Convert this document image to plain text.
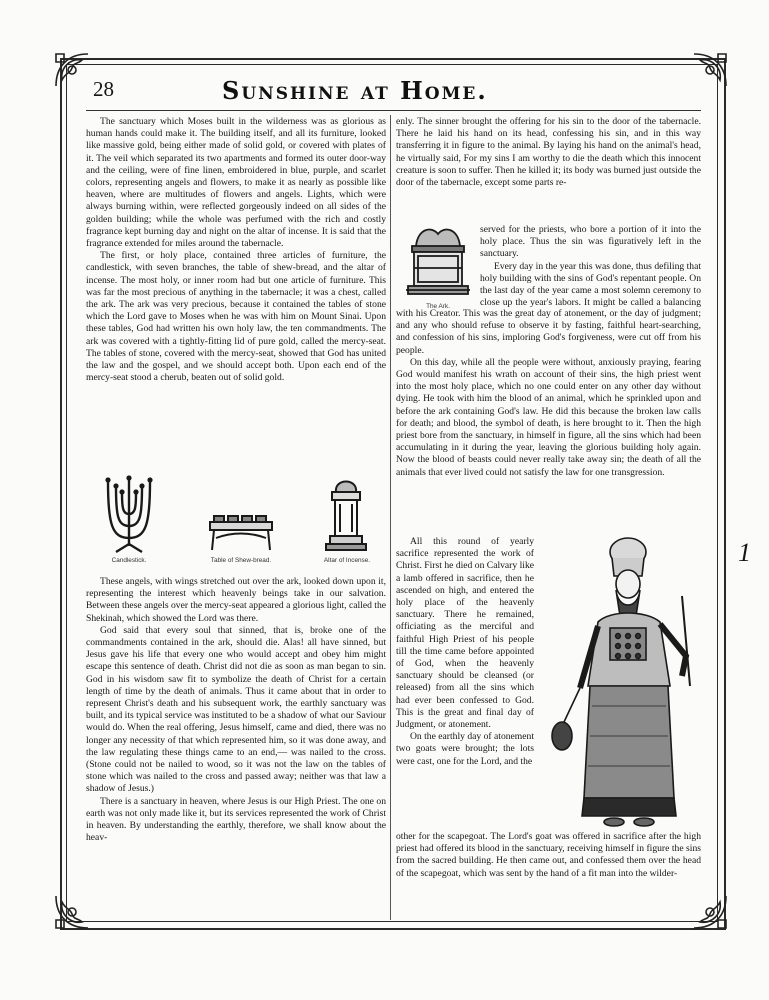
28	Sunshine at Home.

The sanctuary which Moses built in the wilderness was as glorious as human hands could make it. The building itself, and all its furniture, looked like massive gold, being either made of solid gold, or covered with plates of it. The veil which separated its two apartments and formed its outer door-way and the ceiling, were of fine linen, embroidered in blue, purple, and scarlet colors, representing angels and flowers, to make it as nearly as possible like heaven, where are multitudes of flowers and angels. Lights, which were always burning within, were reflected gorgeously indeed on all sides of the golden building; while the whole was perfumed with the rich and costly fragrance kept burning day and night on the altar of incense. It is said that the fragrance extended for miles around the tabernacle.

The first, or holy place, contained three articles of furniture, the candlestick, with seven branches, the table of shew-bread, and the altar of incense. The most holy, or inner room had but one article of furniture. This was far the most precious of anything in the tabernacle; it was a chest, called the ark. The ark was very precious, because it contained the tables of stone which the Lord gave to Moses when he was with him on Mount Sinai. Upon these tables, God had written his own holy law, the ten commandments. The ark was covered with a tightly-fitting lid of pure gold, called the mercy-seat. The tables of stone, covered with the mercy-seat, showed that God has united the law and the gospel, and we should accept both. Upon each end of the mercy-seat stood a cherub, beaten out of solid gold.

Candlestick.	Table of Shew-bread.	Altar of Incense.

These angels, with wings stretched out over the ark, looked down upon it, representing the interest which heavenly beings take in our salvation. Between these angels over the mercy-seat appeared a glorious light, called the Shekinah, which showed the Lord was there.

God said that every soul that sinned, that is, broke one of the commandments contained in the ark, should die. Alas! all have sinned, but Jesus gave his life that every one who would accept and obey him might escape this sentence of death. Christ did not die as soon as man began to sin. God in his wisdom saw fit to symbolize the death of Christ for a certain length of time by the death of animals. Thus it came about that in order to represent Christ's death and his subsequent work, the earthly sanctuary was built, and its typical service was instituted to be a shadow of what our Saviour would do. When the real offering, Jesus himself, came and died, there was no longer any necessity of that which represented him, so it was done away, and the law regulating these things came to an end,— was nailed to the cross. (Stone could not be nailed to wood, so it was not the law on the tables of stone which was nailed to the cross and passed away; neither was that law a shadow of Jesus.)

There is a sanctuary in heaven, where Jesus is our High Priest. The one on earth was not only made like it, but its services represented the work of Christ in heaven. By understanding the earthly, therefore, we shall know about the heav-

enly. The sinner brought the offering for his sin to the door of the tabernacle. There he laid his hand on its head, confessing his sin, and in this way transferring it in figure to the animal. By laying his hand on the animal's head, he virtually said, For my sins I am worthy to die the death which this innocent creature is soon to suffer. Then he killed it; its body was burned just outside the door of the tabernacle, except some parts re-

The Ark.

served for the priests, who bore a portion of it into the holy place. Thus the sin was figuratively left in the sanctuary.

Every day in the year this was done, thus defiling that holy building with the sins of God's repentant people. On the last day of the year came a most solemn ceremony to close up the year's labors. It might be called a balancing

with his Creator. This was the great day of atonement, or the day of judgment; and any who should refuse to observe it by fasting, faithful heart-searching, and confession of his sins, imploring God's forgiveness, were cut off from his people.

On this day, while all the people were without, anxiously praying, fearing God would manifest his wrath on account of their sins, the high priest went into the most holy place, which no one could enter on any other day without dying. He took with him the blood of an animal, which he sprinkled upon and before the ark containing God's law. He did this because the broken law calls for death; and blood, the symbol of death, is here brought to it. Then the high priest bore from the sanctuary, in himself in figure, all the sins which had been accumulating in it during the year, leaving the glorious building holy again. Now the blood of beasts could never really take away sin; the death of all the animals that ever lived could not satisfy the law for one transgression.

All this round of yearly sacrifice represented the work of Christ. First he died on Calvary like a lamb offered in sacrifice, then he ascended on high, and entered the holy place of the heavenly sanctuary. There he remained, officiating as the merciful and faithful High Priest of his people till the time came before appointed of God, when the heavenly sanctuary should be cleansed (or released) from all the sins which had ever been confessed to God. This is the great and final day of Judgment, or atonement.

On the earthly day of atonement two goats were brought; the lots were cast, one for the Lord, and the

other for the scapegoat. The Lord's goat was offered in sacrifice after the high priest had offered its blood in the sanctuary, receiving himself in figure the sins from the sacred building. He then came out, and confessed them over the head of the scapegoat, which was sent by the hand of a fit man into the wilder-

1
